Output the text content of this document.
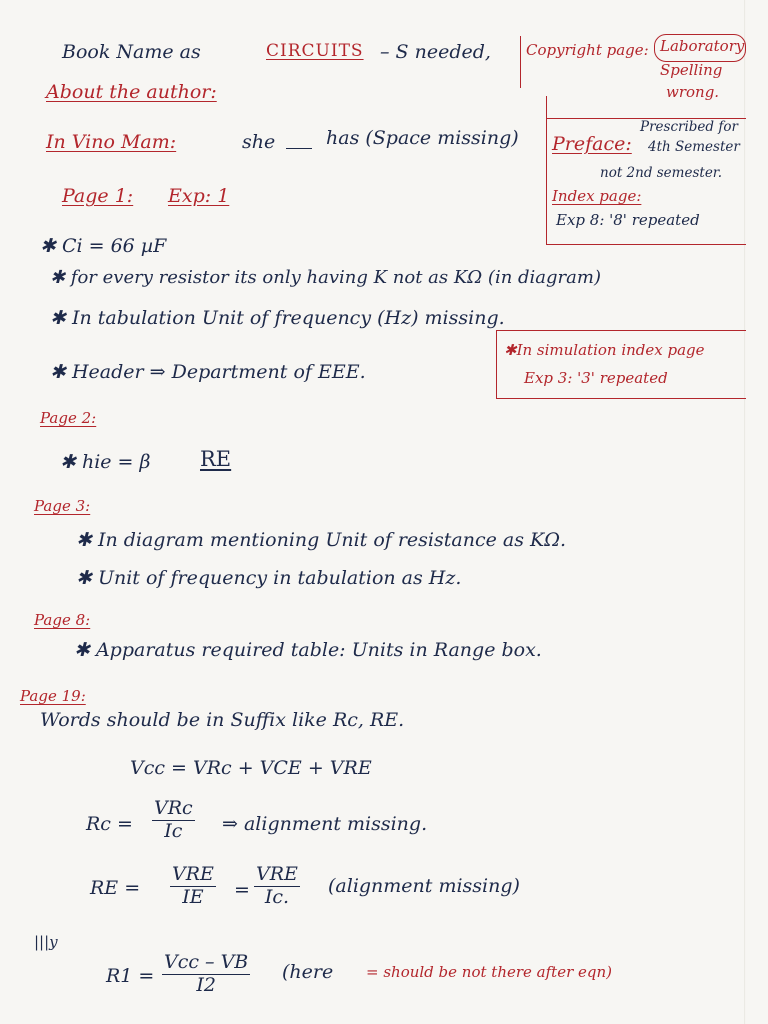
Book Name as	CIRCUITS – S needed, Copyright page: Laboratory
Spelling
wrong.
About the author:
In Vino Mam:	she	has (Space missing) Preface:
Prescribed for
4th Semester
not 2nd semester.
Index page:
Exp 8: '8' repeated
Page 1: Exp: 1
✱ Ci = 66 µF
✱ for every resistor its only having K not as KΩ (in diagram)
✱ In tabulation Unit of frequency (Hz) missing.
✱ Header ⇒ Department of EEE.
✱In simulation index page
Exp 3: '3' repeated
Page 2:
✱ hie = β RE
Page 3:
✱ In diagram mentioning Unit of resistance as KΩ.
✱ Unit of frequency in tabulation as Hz.
Page 8:
✱ Apparatus required table: Units in Range box.
Page 19:
Words should be in Suffix like Rc, RE.
Vcc = VRc + VCE + VRE
Rc =
VRc
Ic ⇒ alignment missing.
RE =
VRE
IE =
VRE
Ic. (alignment missing)
|||y
R1 =
Vcc – VB
I2
(here = should be not there after eqn)
